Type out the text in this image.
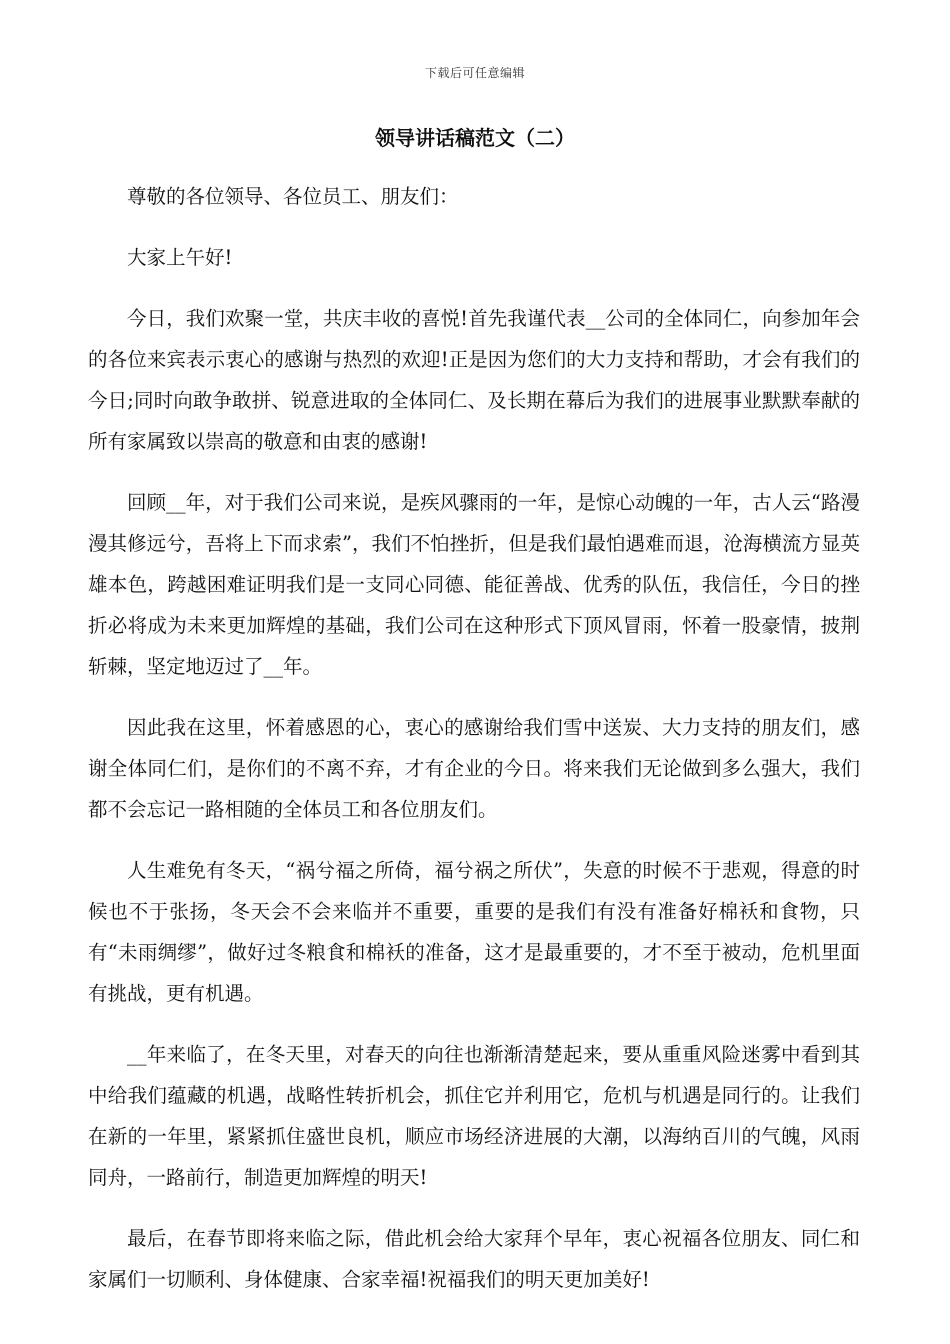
下载后可任意编辑
领导讲话稿范文（二）

尊敬的各位领导、各位员工、朋友们：

大家上午好!

今日，我们欢聚一堂，共庆丰收的喜悦!首先我谨代表__公司的全体同仁，向参加年会的各位来宾表示衷心的感谢与热烈的欢迎!正是因为您们的大力支持和帮助，才会有我们的今日;同时向敢争敢拼、锐意进取的全体同仁、及长期在幕后为我们的进展事业默默奉献的所有家属致以崇高的敬意和由衷的感谢!

回顾__年，对于我们公司来说，是疾风骤雨的一年，是惊心动魄的一年，古人云“路漫漫其修远兮，吾将上下而求索”，我们不怕挫折，但是我们最怕遇难而退，沧海横流方显英雄本色，跨越困难证明我们是一支同心同德、能征善战、优秀的队伍，我信任，今日的挫折必将成为未来更加辉煌的基础，我们公司在这种形式下顶风冒雨，怀着一股豪情，披荆斩棘，坚定地迈过了__年。

因此我在这里，怀着感恩的心，衷心的感谢给我们雪中送炭、大力支持的朋友们，感谢全体同仁们，是你们的不离不弃，才有企业的今日。将来我们无论做到多么强大，我们都不会忘记一路相随的全体员工和各位朋友们。

人生难免有冬天，“祸兮福之所倚，福兮祸之所伏”，失意的时候不于悲观，得意的时候也不于张扬，冬天会不会来临并不重要，重要的是我们有没有准备好棉袄和食物，只有“未雨绸缪”，做好过冬粮食和棉袄的准备，这才是最重要的，才不至于被动，危机里面有挑战，更有机遇。

__年来临了，在冬天里，对春天的向往也渐渐清楚起来，要从重重风险迷雾中看到其中给我们蕴藏的机遇，战略性转折机会，抓住它并利用它，危机与机遇是同行的。让我们在新的一年里，紧紧抓住盛世良机，顺应市场经济进展的大潮，以海纳百川的气魄，风雨同舟，一路前行，制造更加辉煌的明天!

最后，在春节即将来临之际，借此机会给大家拜个早年，衷心祝福各位朋友、同仁和家属们一切顺利、身体健康、合家幸福!祝福我们的明天更加美好!
